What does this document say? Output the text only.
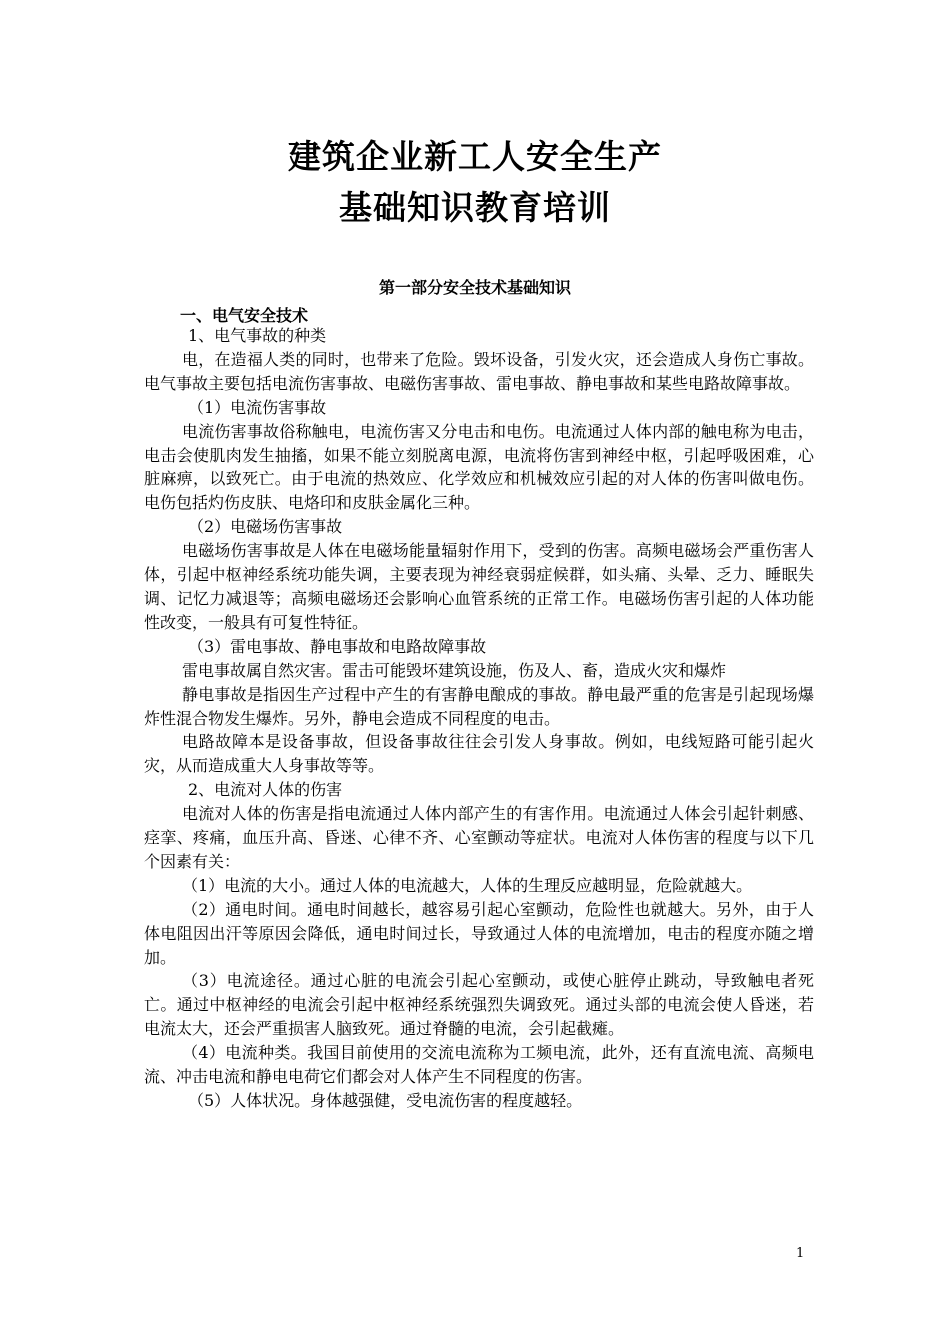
建筑企业新工人安全生产
基础知识教育培训
第一部分安全技术基础知识
一、电气安全技术

1、电气事故的种类

电，在造福人类的同时，也带来了危险。毁坏设备，引发火灾，还会造成人身伤亡事故。电气事故主要包括电流伤害事故、电磁伤害事故、雷电事故、静电事故和某些电路故障事故。

（1）电流伤害事故

电流伤害事故俗称触电，电流伤害又分电击和电伤。电流通过人体内部的触电称为电击，电击会使肌肉发生抽搐，如果不能立刻脱离电源，电流将伤害到神经中枢，引起呼吸困难，心脏麻痹，以致死亡。由于电流的热效应、化学效应和机械效应引起的对人体的伤害叫做电伤。电伤包括灼伤皮肤、电烙印和皮肤金属化三种。

（2）电磁场伤害事故

电磁场伤害事故是人体在电磁场能量辐射作用下，受到的伤害。高频电磁场会严重伤害人体，引起中枢神经系统功能失调，主要表现为神经衰弱症候群，如头痛、头晕、乏力、睡眠失调、记忆力减退等；高频电磁场还会影响心血管系统的正常工作。电磁场伤害引起的人体功能性改变，一般具有可复性特征。

（3）雷电事故、静电事故和电路故障事故

雷电事故属自然灾害。雷击可能毁坏建筑设施，伤及人、畜，造成火灾和爆炸

静电事故是指因生产过程中产生的有害静电酿成的事故。静电最严重的危害是引起现场爆炸性混合物发生爆炸。另外，静电会造成不同程度的电击。

电路故障本是设备事故，但设备事故往往会引发人身事故。例如，电线短路可能引起火灾，从而造成重大人身事故等等。

2、电流对人体的伤害

电流对人体的伤害是指电流通过人体内部产生的有害作用。电流通过人体会引起针刺感、痉挛、疼痛，血压升高、昏迷、心律不齐、心室颤动等症状。电流对人体伤害的程度与以下几个因素有关：

（1）电流的大小。通过人体的电流越大，人体的生理反应越明显，危险就越大。

（2）通电时间。通电时间越长，越容易引起心室颤动，危险性也就越大。另外，由于人体电阻因出汗等原因会降低，通电时间过长，导致通过人体的电流增加，电击的程度亦随之增加。

（3）电流途径。通过心脏的电流会引起心室颤动，或使心脏停止跳动，导致触电者死亡。通过中枢神经的电流会引起中枢神经系统强烈失调致死。通过头部的电流会使人昏迷，若电流太大，还会严重损害人脑致死。通过脊髓的电流，会引起截瘫。

（4）电流种类。我国目前使用的交流电流称为工频电流，此外，还有直流电流、高频电流、冲击电流和静电电荷它们都会对人体产生不同程度的伤害。

（5）人体状况。身体越强健，受电流伤害的程度越轻。

1
